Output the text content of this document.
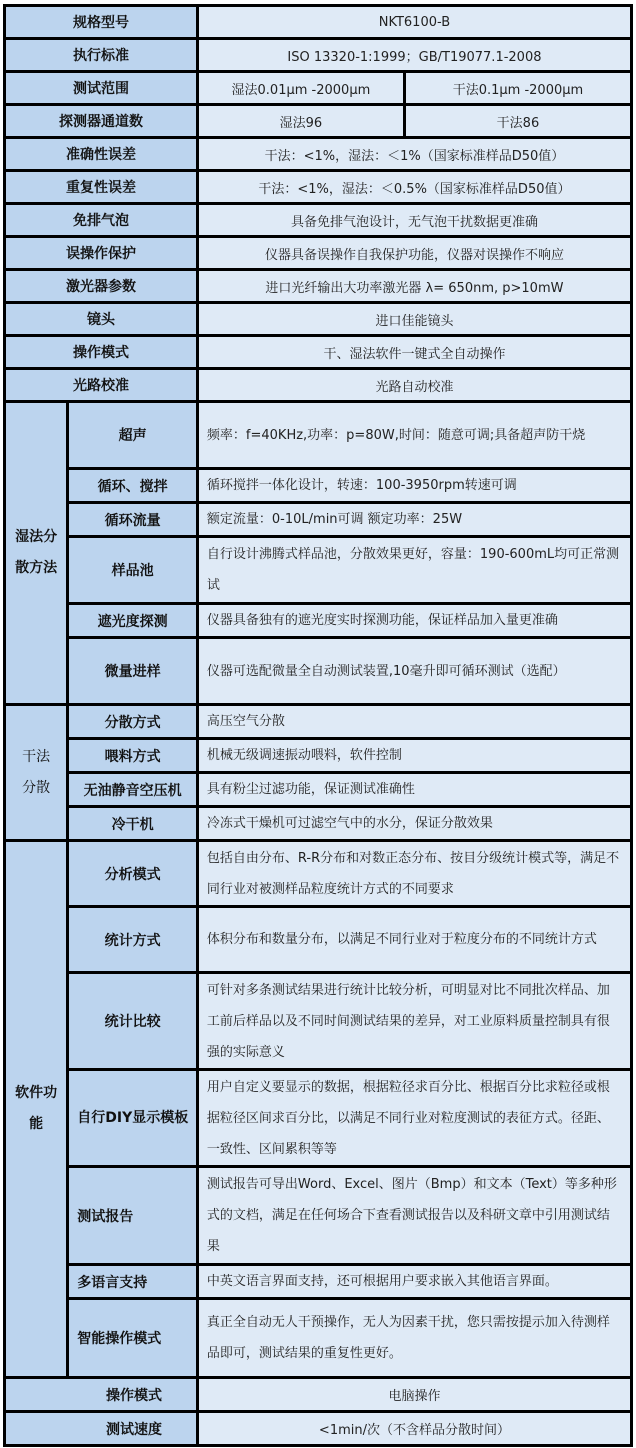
规格型号		NKT6100-B	
执行标准		ISO 13320-1:1999；GB/T19077.1-2008	
测试范围		湿法0.01μm -2000μm	干法0.1μm -2000μm
探测器通道数		湿法96	干法86
准确性误差		干法：<1%，湿法：＜1%（国家标准样品D50值）	
重复性误差		干法：<1%，湿法：＜0.5%（国家标准样品D50值）	
免排气泡		具备免排气泡设计，无气泡干扰数据更准确	
误操作保护		仪器具备误操作自我保护功能，仪器对误操作不响应	
激光器参数		进口光纤输出大功率激光器 λ= 650nm, p>10mW	
镜头		进口佳能镜头	
操作模式		干、湿法软件一键式全自动操作	
光路校准		光路自动校准	

湿法分
散方法	超声	频率：f=40KHz,功率：p=80W,时间：随意可调;具备超声防干烧	
	循环、搅拌	循环搅拌一体化设计，转速：100-3950rpm转速可调	
	循环流量	额定流量：0-10L/min可调 额定功率：25W	
	样品池	自行设计沸腾式样品池，分散效果更好，容量：190-600mL均可正常测试	
	遮光度探测	仪器具备独有的遮光度实时探测功能，保证样品加入量更准确	
	微量进样	仪器可选配微量全自动测试装置,10毫升即可循环测试（选配）	

干法
分散	分散方式	高压空气分散	
	喂料方式	机械无级调速振动喂料，软件控制	
	无油静音空压机	具有粉尘过滤功能，保证测试准确性	
	冷干机	冷冻式干燥机可过滤空气中的水分，保证分散效果	

软件功
能	分析模式	包括自由分布、R-R分布和对数正态分布、按目分级统计模式等，满足不同行业对被测样品粒度统计方式的不同要求	
	统计方式	体积分布和数量分布，以满足不同行业对于粒度分布的不同统计方式	
	统计比较	可针对多条测试结果进行统计比较分析，可明显对比不同批次样品、加工前后样品以及不同时间测试结果的差异，对工业原料质量控制具有很强的实际意义	
	自行DIY显示模板	用户自定义要显示的数据，根据粒径求百分比、根据百分比求粒径或根据粒径区间求百分比，以满足不同行业对粒度测试的表征方式。径距、一致性、区间累积等等	
	测试报告	测试报告可导出Word、Excel、图片（Bmp）和文本（Text）等多种形式的文档，满足在任何场合下查看测试报告以及科研文章中引用测试结果	
	多语言支持	中英文语言界面支持，还可根据用户要求嵌入其他语言界面。	
	智能操作模式	真正全自动无人干预操作，无人为因素干扰，您只需按提示加入待测样品即可，测试结果的重复性更好。	
操作模式		电脑操作	
测试速度		<1min/次（不含样品分散时间）	
